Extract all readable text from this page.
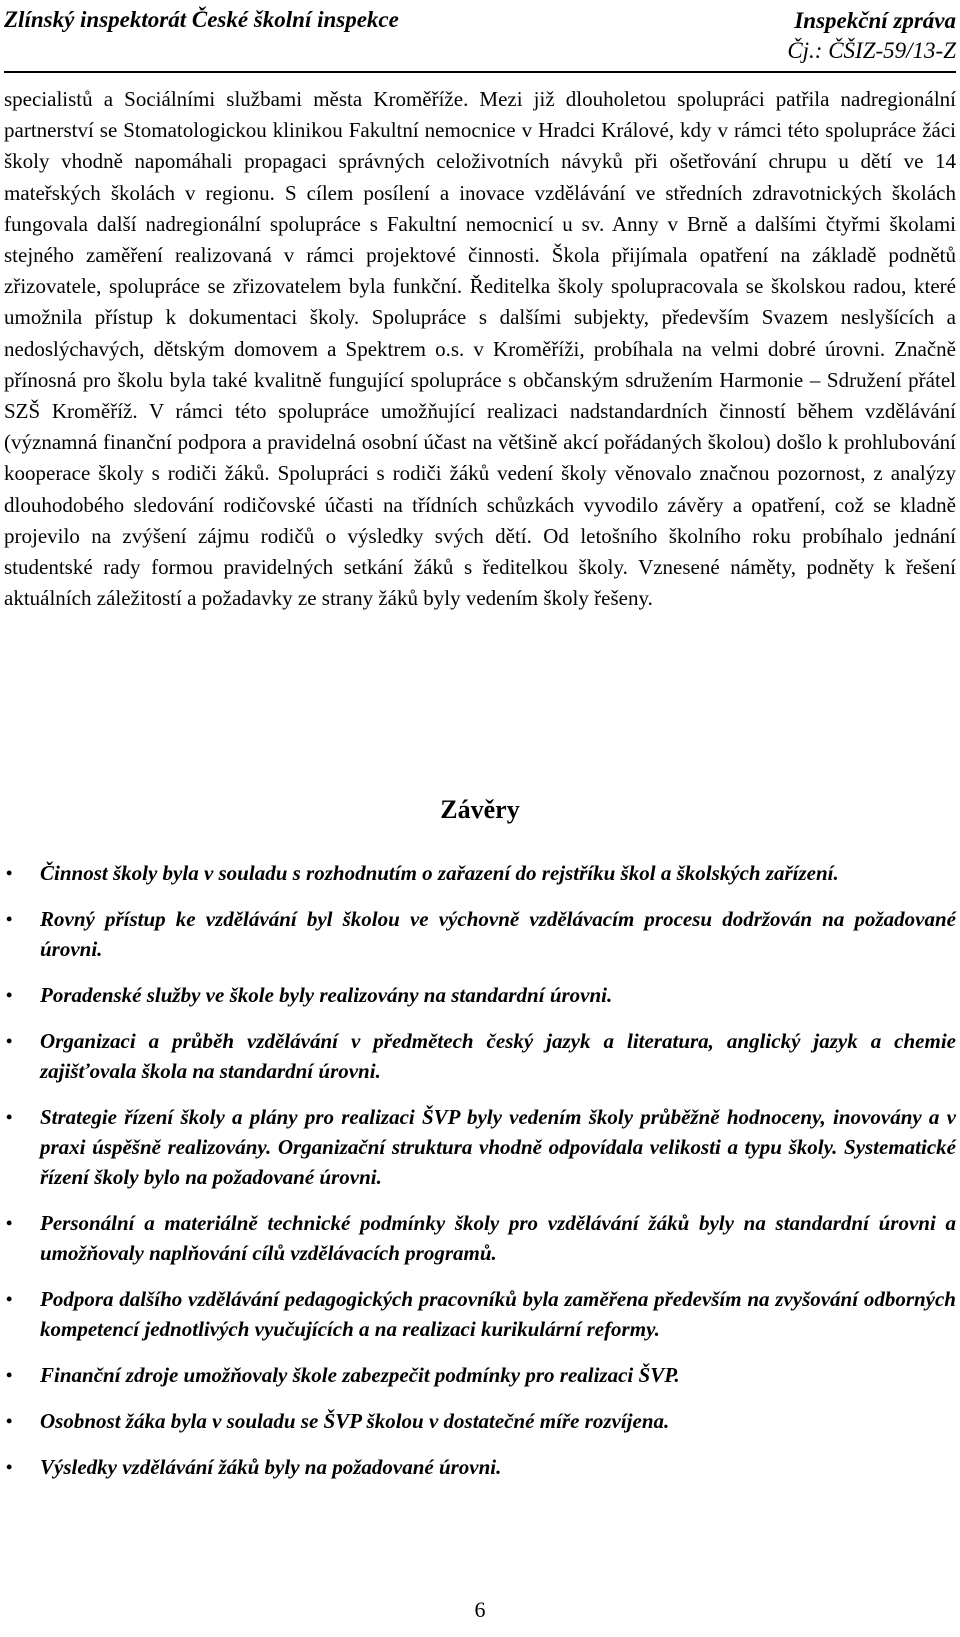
Zlínský inspektorát České školní inspekce	Inspekční zpráva
Čj.: ČŠIZ-59/13-Z

specialistů a Sociálními službami města Kroměříže. Mezi již dlouholetou spolupráci patřila nadregionální partnerství se Stomatologickou klinikou Fakultní nemocnice v Hradci Králové, kdy v rámci této spolupráce žáci školy vhodně napomáhali propagaci správných celoživotních návyků při ošetřování chrupu u dětí ve 14 mateřských školách v regionu. S cílem posílení a inovace vzdělávání ve středních zdravotnických školách fungovala další nadregionální spolupráce s Fakultní nemocnicí u sv. Anny v Brně a dalšími čtyřmi školami stejného zaměření realizovaná v rámci projektové činnosti. Škola přijímala opatření na základě podnětů zřizovatele, spolupráce se zřizovatelem byla funkční. Ředitelka školy spolupracovala se školskou radou, které umožnila přístup k dokumentaci školy. Spolupráce s dalšími subjekty, především Svazem neslyšících a nedoslýchavých, dětským domovem a Spektrem o.s. v Kroměříži, probíhala na velmi dobré úrovni. Značně přínosná pro školu byla také kvalitně fungující spolupráce s občanským sdružením Harmonie – Sdružení přátel SZŠ Kroměříž. V rámci této spolupráce umožňující realizaci nadstandardních činností během vzdělávání (významná finanční podpora a pravidelná osobní účast na většině akcí pořádaných školou) došlo k prohlubování kooperace školy s rodiči žáků. Spolupráci s rodiči žáků vedení školy věnovalo značnou pozornost, z analýzy dlouhodobého sledování rodičovské účasti na třídních schůzkách vyvodilo závěry a opatření, což se kladně projevilo na zvýšení zájmu rodičů o výsledky svých dětí. Od letošního školního roku probíhalo jednání studentské rady formou pravidelných setkání žáků s ředitelkou školy. Vznesené náměty, podněty k řešení aktuálních záležitostí a požadavky ze strany žáků byly vedením školy řešeny.

Závěry
• Činnost školy byla v souladu s rozhodnutím o zařazení do rejstříku škol a školských zařízení.
• Rovný přístup ke vzdělávání byl školou ve výchovně vzdělávacím procesu dodržován na požadované úrovni.
• Poradenské služby ve škole byly realizovány na standardní úrovni.
• Organizaci a průběh vzdělávání v předmětech český jazyk a literatura, anglický jazyk a chemie zajišťovala škola na standardní úrovni.
• Strategie řízení školy a plány pro realizaci ŠVP byly vedením školy průběžně hodnoceny, inovovány a v praxi úspěšně realizovány. Organizační struktura vhodně odpovídala velikosti a typu školy. Systematické řízení školy bylo na požadované úrovni.
• Personální a materiálně technické podmínky školy pro vzdělávání žáků byly na standardní úrovni a umožňovaly naplňování cílů vzdělávacích programů.
• Podpora dalšího vzdělávání pedagogických pracovníků byla zaměřena především na zvyšování odborných kompetencí jednotlivých vyučujících a na realizaci kurikulární reformy.
• Finanční zdroje umožňovaly škole zabezpečit podmínky pro realizaci ŠVP.
• Osobnost žáka byla v souladu se ŠVP školou v dostatečné míře rozvíjena.
• Výsledky vzdělávání žáků byly na požadované úrovni.
6
